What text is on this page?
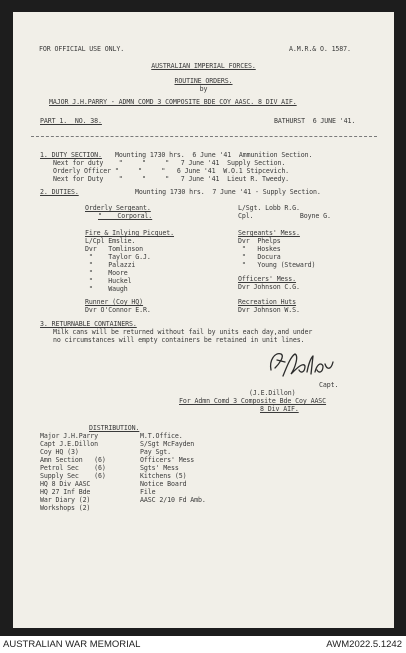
FOR OFFICIAL USE ONLY.	A.M.R.& O. 1587.
AUSTRALIAN IMPERIAL FORCES.
ROUTINE ORDERS.
by
MAJOR J.H.PARRY - ADMN COMD 3 COMPOSITE BDE COY AASC. 8 DIV AIF.
PART 1.  NO. 38.	BATHURST  6 JUNE '41.
1. DUTY SECTION. Mounting 1730 hrs.  6 June '41  Ammunition Section.
Next for duty    "     "     "   7 June '41  Supply Section.
Orderly Officer "     "     "   6 June '41  W.O.1 Stipcevich.
Next for Duty    "     "     "   7 June '41  Lieut R. Tweedy.
2. DUTIES.	Mounting 1730 hrs.  7 June '41 - Supply Section.
Orderly Sergeant.	L/Sgt. Lobb R.G.
"    Corporal.	Cpl.            Boyne G.
Fire & Inlying Picquet.
L/Cpl Emslie.
Dvr   Tomlinson
"    Taylor G.J.
"    Palazzi
"    Moore
"    Huckel
"    Waugh
Sergeants' Mess.
Dvr  Phelps
"   Hoskes
"   Docura
"   Young (Steward)
Officers' Mess.
Dvr Johnson C.G.
Runner (Coy HQ)
Dvr O'Connor E.R.
Recreation Huts
Dvr Johnson W.S.
3. RETURNABLE CONTAINERS.
Milk cans will be returned without fail by units each day,and under
no circumstances will empty containers be retained in unit lines.
Capt.
(J.E.Dillon)
For Admn Comd 3 Composite Bde Coy AASC
8 Div AIF.
DISTRIBUTION.
Major J.H.Parry
Capt J.E.Dillon
Coy HQ (3)
Amn Section   (6)
Petrol Sec    (6)
Supply Sec    (6)
HQ 8 Div AASC
HQ 27 Inf Bde
War Diary (2)
Workshops (2)
M.T.Office.
S/Sgt McFayden
Pay Sgt.
Officers' Mess
Sgts' Mess
Kitchens (5)
Notice Board
File
AASC 2/10 Fd Amb.
AUSTRALIAN WAR MEMORIAL	AWM2022.5.1242
